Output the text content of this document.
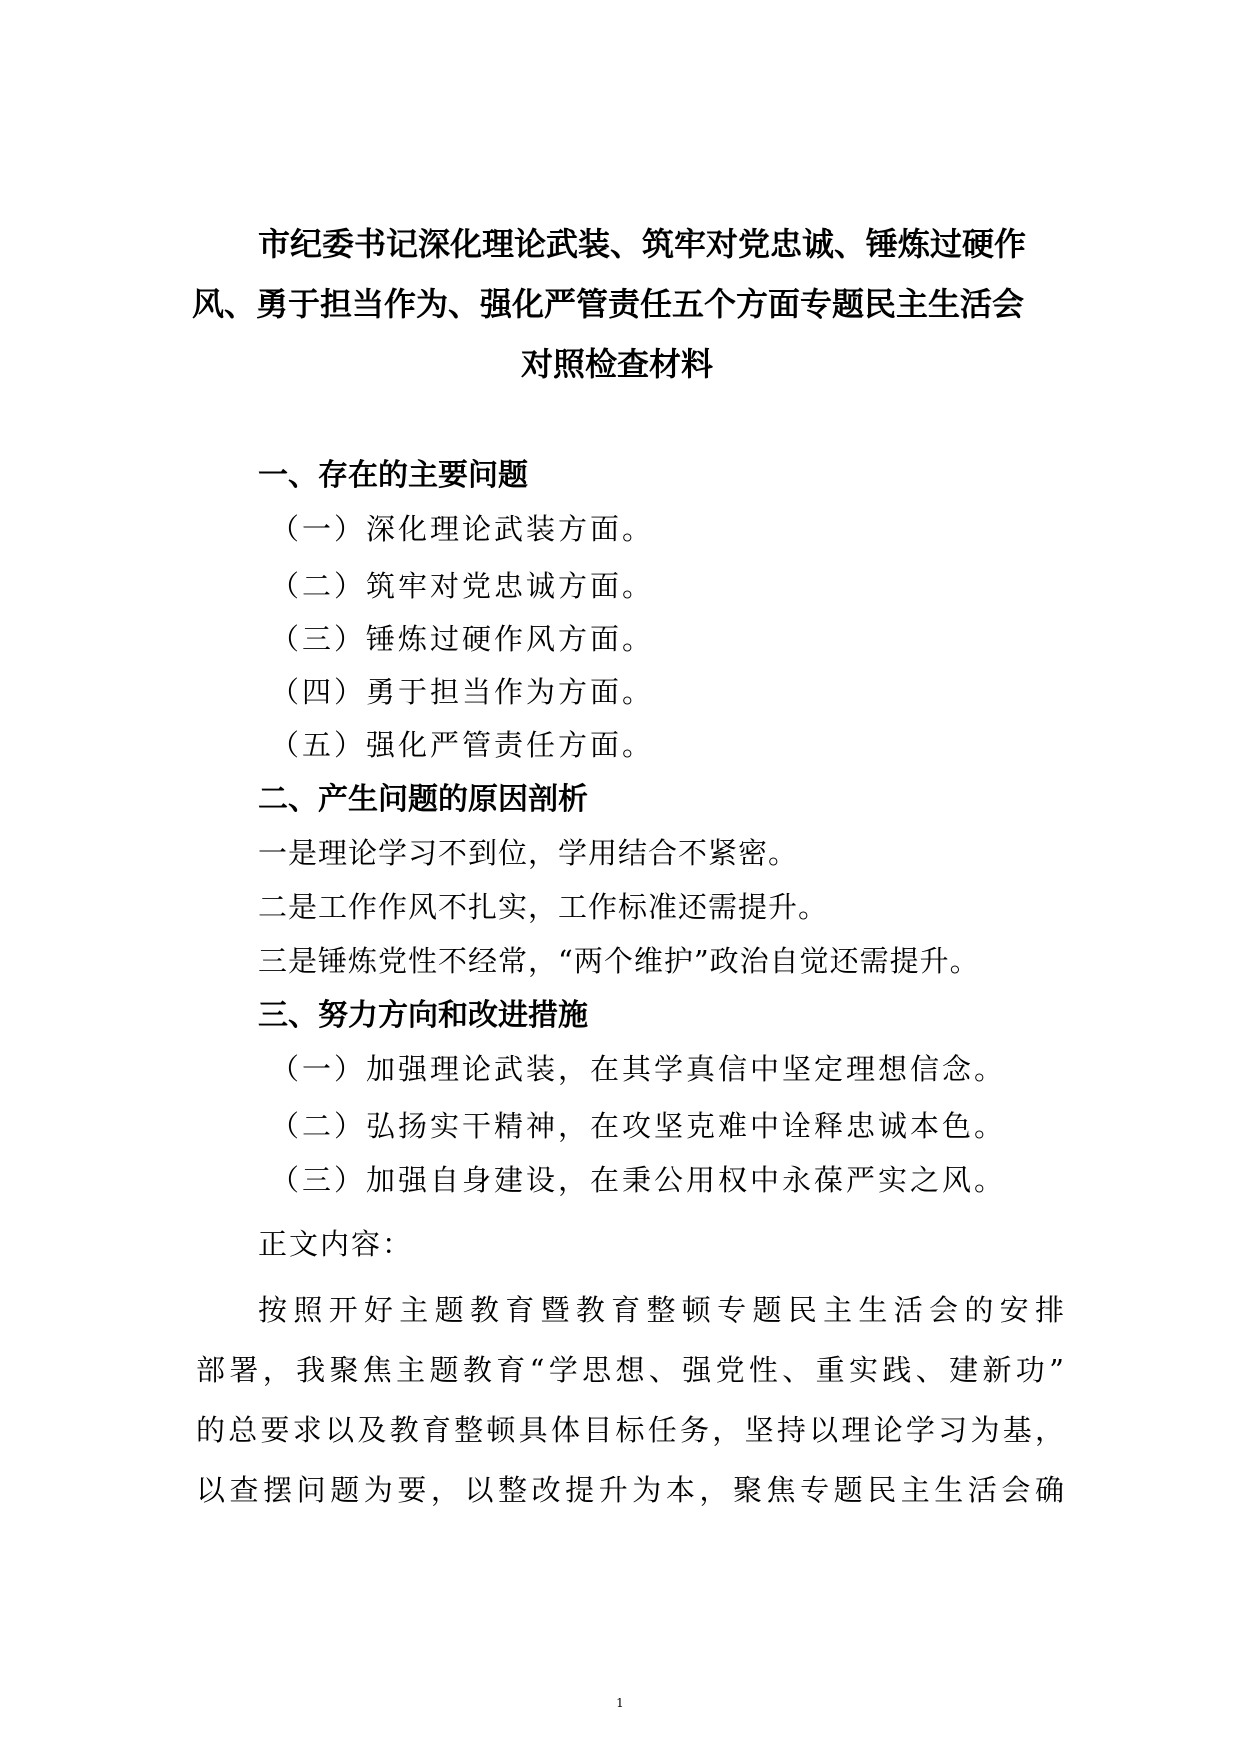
市纪委书记深化理论武装、筑牢对党忠诚、锤炼过硬作
风、勇于担当作为、强化严管责任五个方面专题民主生活会
对照检查材料
一、存在的主要问题
（一）深化理论武装方面。
（二）筑牢对党忠诚方面。
（三）锤炼过硬作风方面。
（四）勇于担当作为方面。
（五）强化严管责任方面。
二、产生问题的原因剖析
一是理论学习不到位，学用结合不紧密。
二是工作作风不扎实，工作标准还需提升。
三是锤炼党性不经常，“两个维护”政治自觉还需提升。
三、努力方向和改进措施
（一）加强理论武装，在其学真信中坚定理想信念。
（二）弘扬实干精神，在攻坚克难中诠释忠诚本色。
（三）加强自身建设，在秉公用权中永葆严实之风。
正文内容：
按照开好主题教育暨教育整顿专题民主生活会的安排
部署，我聚焦主题教育“学思想、强党性、重实践、建新功”
的总要求以及教育整顿具体目标任务，坚持以理论学习为基，
以查摆问题为要，以整改提升为本，聚焦专题民主生活会确
1
